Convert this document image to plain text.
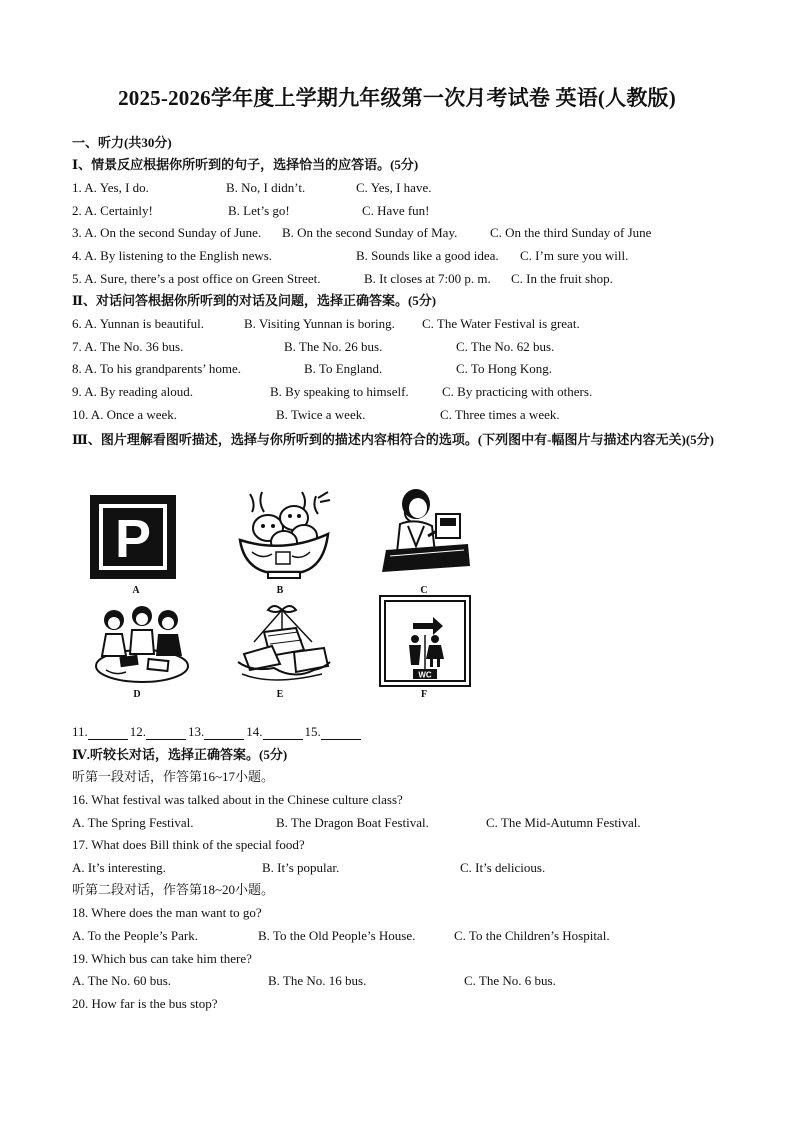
2025-2026学年度上学期九年级第一次月考试卷 英语(人教版)
一、听力(共30分)
Ⅰ、情景反应根据你所听到的句子，选择恰当的应答语。(5分)
1. A. Yes, I do.	B. No, I didn’t.	C. Yes, I have.
2. A. Certainly!	B. Let’s go!	C. Have fun!
3. A. On the second Sunday of June. B. On the second Sunday of May.	C. On the third Sunday of June
4. A. By listening to the English news.	B. Sounds like a good idea. C. I’m sure you will.
5. A. Sure, there’s a post office on Green Street.	B. It closes at 7:00 p. m. C. In the fruit shop.
Ⅱ、对话问答根据你所听到的对话及问题，选择正确答案。(5分)
6. A. Yunnan is beautiful.	B. Visiting Yunnan is boring. C. The Water Festival is great.
7. A. The No. 36 bus.	B. The No. 26 bus.	C. The No. 62 bus.
8. A. To his grandparents’ home.	B. To England.	C. To Hong Kong.
9. A. By reading aloud.	B. By speaking to himself.	C. By practicing with others.
10. A. Once a week.	B. Twice a week.	C. Three times a week.
Ⅲ、图片理解看图听描述，选择与你所听到的描述内容相符合的选项。(下列图中有-幅图片与描述内容无关)(5分)
P
A	B	C
D	E
WC
F
11.	12.	13.	14.	15.
Ⅳ.听较长对话，选择正确答案。(5分)
听第一段对话，作答第16~17小题。
16. What festival was talked about in the Chinese culture class?
A. The Spring Festival.	B. The Dragon Boat Festival.	C. The Mid-Autumn Festival.
17. What does Bill think of the special food?
A. It’s interesting.	B. It’s popular.	C. It’s delicious.
听第二段对话，作答第18~20小题。
18. Where does the man want to go?
A. To the People’s Park.	B. To the Old People’s House.	C. To the Children’s Hospital.
19. Which bus can take him there?
A. The No. 60 bus.	B. The No. 16 bus.	C. The No. 6 bus.
20. How far is the bus stop?
